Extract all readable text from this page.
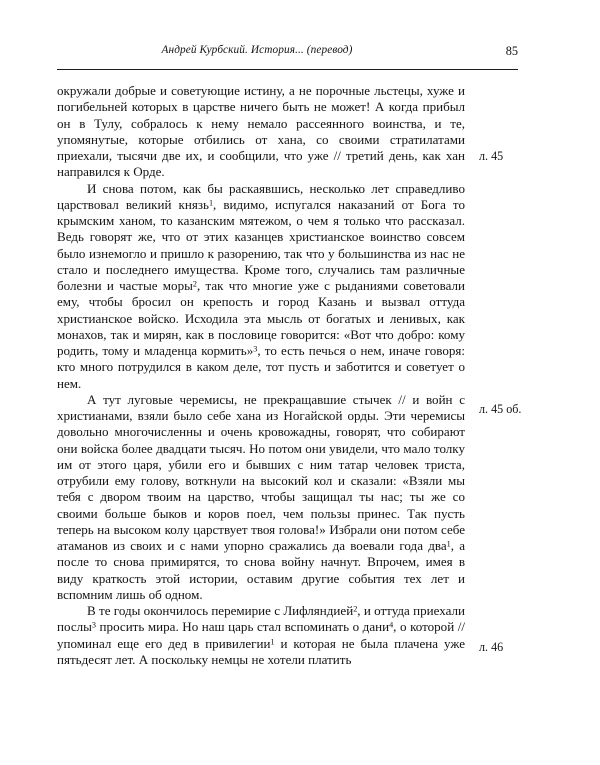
Андрей Курбский. История... (перевод)	85

окружали добрые и советующие истину, а не порочные льстецы, хуже и погибельней которых в царстве ничего быть не может! А когда прибыл он в Тулу, собралось к нему немало рассеянного воинства, и те, упомянутые, которые отбились от хана, со своими стратилатами приехали, тысячи две их, и сообщили, что уже // третий день, как хан направился к Орде.

И снова потом, как бы раскаявшись, несколько лет справедливо царствовал великий князь$^1$, видимо, испугался наказаний от Бога то крымским ханом, то казанским мятежом, о чем я только что рассказал. Ведь говорят же, что от этих казанцев христианское воинство совсем было изнемогло и пришло к разорению, так что у большинства из нас не стало и последнего имущества. Кроме того, случались там различные болезни и частые моры$^2$, так что многие уже с рыданиями советовали ему, чтобы бросил он крепость и город Казань и вызвал оттуда христианское войско. Исходила эта мысль от богатых и ленивых, как монахов, так и мирян, как в пословице говорится: «Вот что добро: кому родить, тому и младенца кормить»$^3$, то есть печься о нем, иначе говоря: кто много потрудился в каком деле, тот пусть и заботится и советует о нем.

А тут луговые черемисы, не прекращавшие стычек // и войн с христианами, взяли было себе хана из Ногайской орды. Эти черемисы довольно многочисленны и очень кровожадны, говорят, что собирают они войска более двадцати тысяч. Но потом они увидели, что мало толку им от этого царя, убили его и бывших с ним татар человек триста, отрубили ему голову, воткнули на высокий кол и сказали: «Взяли мы тебя с двором твоим на царство, чтобы защищал ты нас; ты же со своими больше быков и коров поел, чем пользы принес. Так пусть теперь на высоком колу царствует твоя голова!» Избрали они потом себе атаманов из своих и с нами упорно сражались да воевали года два$^1$, а после то снова примирятся, то снова войну начнут. Впрочем, имея в виду краткость этой истории, оставим другие события тех лет и вспомним лишь об одном.

В те годы окончилось перемирие с Лифляндией$^2$, и оттуда приехали послы$^3$ просить мира. Но наш царь стал вспоминать о дани$^4$, о которой // упоминал еще его дед в привилегии$^1$ и которая не была плачена уже пятьдесят лет. А поскольку немцы не хотели платить

л. 45
л. 45 об.
л. 46
